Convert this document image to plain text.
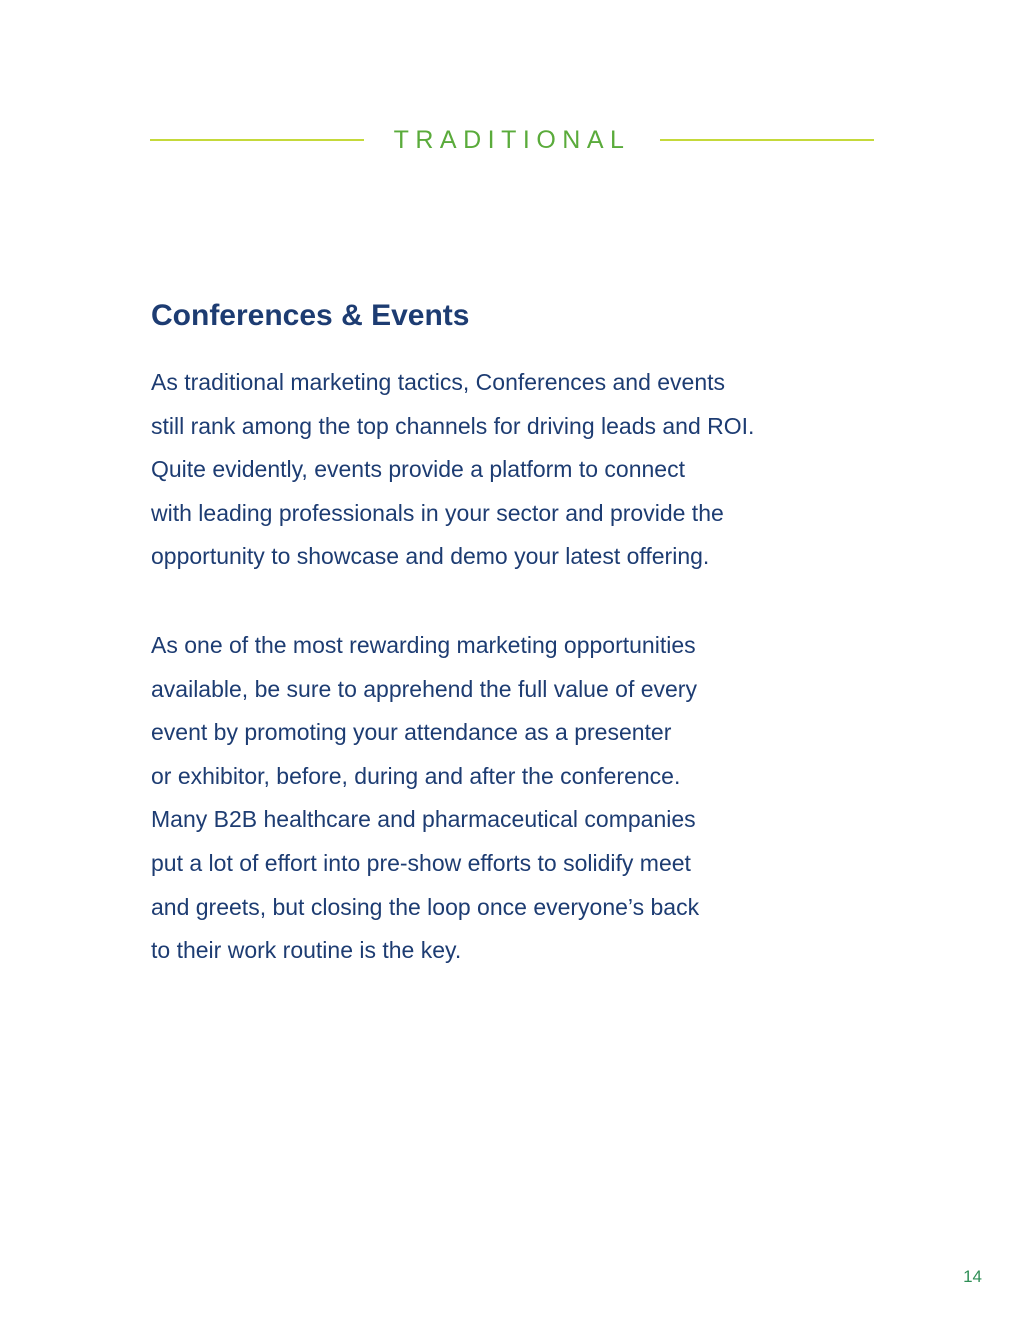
TRADITIONAL
Conferences & Events

As traditional marketing tactics, Conferences and events
still rank among the top channels for driving leads and ROI.
Quite evidently, events provide a platform to connect
with leading professionals in your sector and provide the
opportunity to showcase and demo your latest offering.

As one of the most rewarding marketing opportunities
available, be sure to apprehend the full value of every
event by promoting your attendance as a presenter
or exhibitor, before, during and after the conference.
Many B2B healthcare and pharmaceutical companies
put a lot of effort into pre-show efforts to solidify meet
and greets, but closing the loop once everyone’s back
to their work routine is the key.

14
